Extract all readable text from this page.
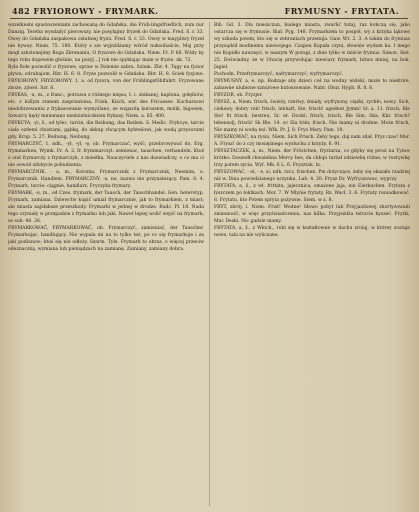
482 FRYIOROWY - FRYMARK.	FRYMUSNY - FRYTATA.

wszelkiemi spustoszeniami zachowaną do Gdańska, die Fruh-lingsfriedlich, zum nur Danzig. Tereba wysdażyć pierowszy, nie posyłajmy fryzek do Gdańska. Fred. S. r. 33. Owsy do Gdańska zaspakowa ostatniej fryzu. Fred. S. r. 33. Owsy w maypliwy fryzel nie byway. Niem. 75. 180. Który z sie wyjeżdżamy wśród nukwiliaście, Maj przy mogł szkolonejimy Boga Zbrenaniu, O fryzowe do Gdańska. Niem. Fr. P. 66. Wżdy by tego roku dopewnie głośnie, na pozy[...] rok nie spyklając mam w fryzie. nk. 72.

Była fiołe pozwolić o fryzowe, spraw w Dziemie zabra. Szlam. Zbr. 4. Tęgy na fyzior pływa; odrubajom. Rbr. H. 6. 8. Fryze pozwolił w Gdańsku. Rbr. H. 8. Sciek fyzjone. FRYIOROWY, FRYZOROWY, 1. a. od fyzora, von der Frühlingsföhlfahrt. Fryzowane zboże, zjiwel. Szr. 8.

FRYKAS, -u, m., z franc., potrawa z różnego mięsa, t. i. siekanej, kaplona, gołębiów, etc. z biślym stanem zasprawiona, Friek, Kisch, enr. des Fricassee. Kucharzowi niedobrzewaniu z frykasowanie wymyślano, ze wzgardą kuroszem, molik, bigosem, Szwarcy kędy mniemano niedzielniczkiem frykasy. Niem. a. 65. 400.

FRYKCYA, -yi, ž., od tylec, tarcie, die Reibung, das Reiben. S. Medic. Frykcye, tarcie ciała ozdemi chustami, gąbką, do akkup chcącym hybreśowi, jak wodą przysorami gdy. Krup. 5. 27. Reibung, Neibung.

FRYMARCZYĆ, 1. ndk., -ył, -ył, -ę, ob. Frymarczać, wyść; przebrowywać do, Erg. frymmarken, Wymk. Fr. A. 2. fr. frymmarczyl: zemienac, tauschen, verhandeln. Ktoś z ond frymarczy z frymarczyk, z miestka, Nauczyciele z nas doswiadczy, o co ma ci nie oswoił zdobycie pobudzenia.

FRYMARCZNIK, - a, m., Koroma, Frymarcznik z Frymarcznik, Neemim, o. Frymarcznik. Handlem. FRYMARCZNY, -a, ne, nazwa nie przynależący. Pam. 8. 4. Frymark, tarcie: ciągnie, handlarz. Fryczyka frymary.

FRYMARK, -u, m., od Czes. frymark, der Tausch, der Tauschhandel. Gen. heterotyp. Frymark, zamiana. Dziewctw kupić umiał frymarcznie, jak to frymarkiem, z miast; ale miasta najsłabsze przeszkody. Frymarki w jednej w drodze. Radc. Pl. 18. Nada tego czyniały w przepadzie z frymarku lub jaki. Nawet lepiej wolić wejść na frymark; ze sob. 48. 26.

FRYMARKOWAĆ, FRYMARKOWAĆ, ob. Frymarczyć, zamieniać, der Tauscher. Frymarkując, handlujący. Nie wypala mi na to tylko też, po co się frymarkuje i za jaki podlanow; ktoś się nie odłoży. Szarm. Tyle. Frymark to obraz, o więcej przeciw odeznaczką, wymiana lub pieniądzach na zamianę. Zamiany, zamiany dobra.

Bib. Gd. 3. Dla mieszczan, bialego miasta, zwarlić tutaj, raz kończą się, jako ostarcza się w frymusie. Biał. Pyg. 148. Frymarkiem to pospół, wy z krzyka łąkowe wy szkoda potem, kto się w zebraniach przemija. Gaw. Wt. 2. 3. A takim do frymusa przysądził modlnemu nieswojego. Czapen Kupała czyni, słownie wydam ku. I mego nie Kopidło nawzięcí, w naszym W poragi, z dnie tylko w miście frymus. Simon. Siel. 25. Doświadny, że w Unucię przywołując niewiary frymark, bitwa mniej, na bok. Jagiel.

Pochodn. Przefrymarczyć, nafrymarczyć, wyfrymarczyć.

FRYMUSNY, a, e, np. Rodzaje aby dzieci coś na wodny widoki, może to niektóre, zabawne ulubione sznurowe kutoszowane. Nabr. Obur. Hyph. R. 8. 8.

FRYZOR, ob. Fryzjer.

FRYSZ, a, Niem. frisch, świeży, rzeźwy, śmiały, wyfryzony, ciężki, rychło, nowy. Sich, ciekawy, dobry rok! frisch, lebhaft, Ste, frisch! agednet Jymm! Sr. a. 11. frisch; Ble Ste! fit frisch, bestreu, Sr. er. Doubl; frisch, trisch, Ble Sim, Ska. Kkr. frisch? lebensolj, frisch! Sk Ble. 14. oc Sla trim; frisch, Nie mamy ni drobne. Może frisch, Nie mamy ni wodą też. Wlk. Pr. J. 8. Frys Mary. Pam. 19.

FRYSZKOWAĆ, na rysiu, Niem. Sich Frisch. Żeby tego, daj nam zdał. Pryz czas! Mar. A. Frysz! do z czy mosiężnego wysłuchu z krzyży. 6. 91.

FRYSZTACZEK, a, m., Niem. der Fröstchen, frystarza, co gdyby się prosi na Tynce krótko: Doszedł chwalebna Mercy bez, da chłopi tarżał odziewkę różne; w rozrywkę trzy potem zycia. Wyf. Mk. 6 L. 6. Frysztak. ts.

FRYSZOWAC, - el, - e, si, ndk, rzcz, frischen. Pm dotyczące, żeby się okazało rzadziej niż w. Dnia powiedzianego uczynku, Lub. 4. 20. Frysz Dr. Wyfryszowac, wyprzy.

FRYTATA, a, ž., z wł. frittata, jajecznica, smażone jaja, ein Eierkuchen. Frytata z łyszczem po łoktkach. Mor. 7. W Mlynie frytaty, Rz. Wacł. 3. 6. Frytaty rozsadkować. 8. Frytatu, kto Potem spryta pożywne. Siem. w z. 8.

FRYT, zbrój. i. Niem. Frist! Wodne! Słowo pobyt lub Przyjazdowej zhortyzowańi zmienność; w więc przyświadczeniu, nas kilka. Przyjeżdża tetrzcie kyszeć. Frytki, Mac Deski. Nic gadzie mamy.

FRYTATA, a, ž., z Włoch., robi się w kształtowne w dachu zrolaj, w którey zostaje nowe, tala na nie wyliczane.
